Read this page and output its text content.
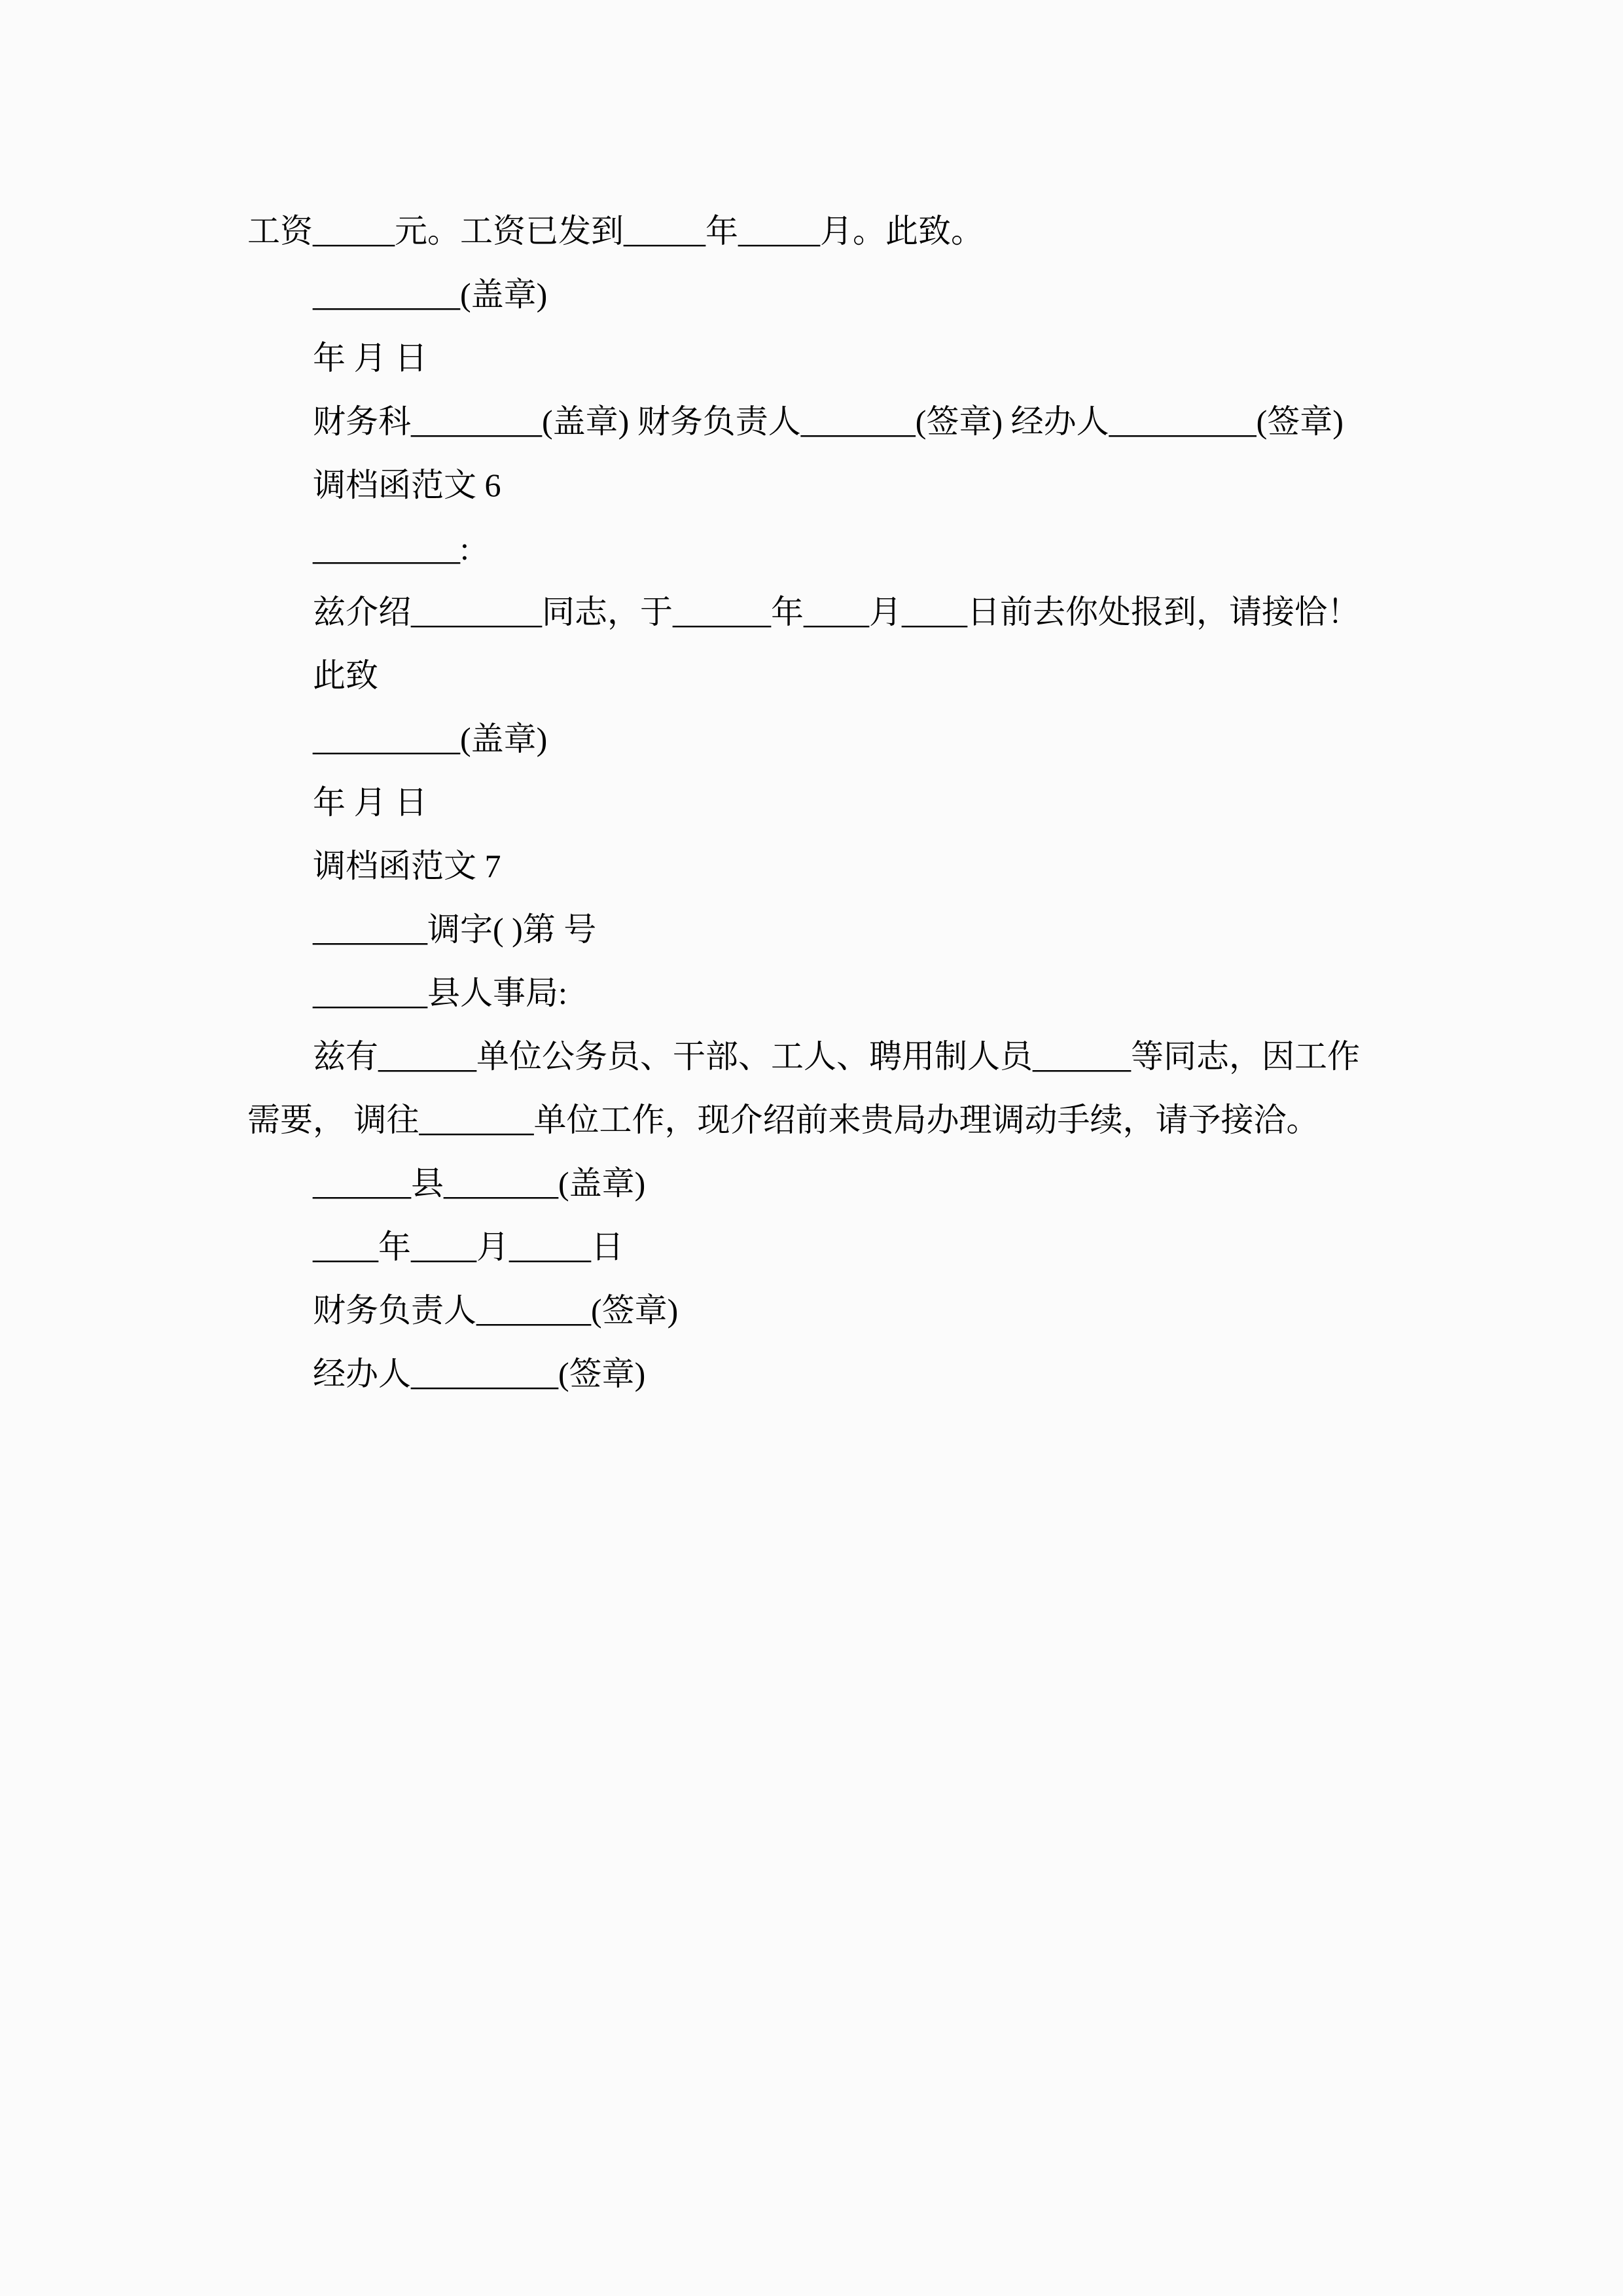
工资_____元。工资已发到_____年_____月。此致。

_________(盖章)

年 月 日

财务科________(盖章) 财务负责人_______(签章) 经办人_________(签章)

调档函范文 6

_________:

兹介绍________同志，于______年____月____日前去你处报到，请接恰！

此致

_________(盖章)

年 月 日

调档函范文 7

_______调字( )第 号

_______县人事局:

兹有______单位公务员、干部、工人、聘用制人员______等同志，因工作

需要， 调往_______单位工作，现介绍前来贵局办理调动手续，请予接洽。

______县_______(盖章)

____年____月_____日

财务负责人_______(签章)

经办人_________(签章)
